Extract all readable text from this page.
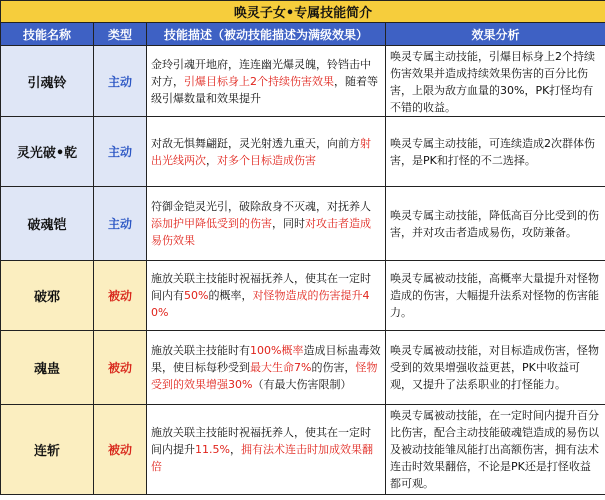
唤灵子女•专属技能简介			
技能名称	类型	技能描述（被动技能描述为满级效果）	效果分析
引魂铃	主动	金玲引魂开地府，连连幽光爆灵魄，铃铛击中对方，引爆目标身上2个持续伤害效果，随着等级引爆数量和效果提升	唤灵专属主动技能，引爆目标身上2个持续伤害效果并造成持续效果伤害的百分比伤害，上限为敌方血量的30%，PK打怪均有不错的收益。

灵光破•乾	主动	对敌无惧舞翩跹，灵光射透九重天，向前方射出光线两次，对多个目标造成伤害	唤灵专属主动技能，可连续造成2次群体伤害，是PK和打怪的不二选择。

破魂铠	主动	符御金铠灵光引，破除敌身不灭魂，对抚养人添加护甲降低受到的伤害，同时对攻击者造成易伤效果	唤灵专属主动技能，降低高百分比受到的伤害，并对攻击者造成易伤，攻防兼备。

破邪	被动	施放关联主技能时祝福抚养人，使其在一定时间内有50%的概率，对怪物造成的伤害提升40%	唤灵专属被动技能，高概率大量提升对怪物造成的伤害，大幅提升法系对怪物的伤害能力。

魂蛊	被动	施放关联主技能时有100%概率造成目标蛊毒效果，使目标每秒受到最大生命7%的伤害，怪物受到的效果增强30%（有最大伤害限制）	唤灵专属被动技能，对目标造成伤害，怪物受到的效果增强收益更甚，PK中收益可观，又提升了法系职业的打怪能力。

连斩	被动	施放关联主技能时祝福抚养人，使其在一定时间内提升11.5%，拥有法术连击时加成效果翻倍	唤灵专属被动技能，在一定时间内提升百分比伤害，配合主动技能破魂铠造成的易伤以及被动技能雏凤能打出高额伤害，拥有法术连击时效果翻倍，不论是PK还是打怪收益都可观。
